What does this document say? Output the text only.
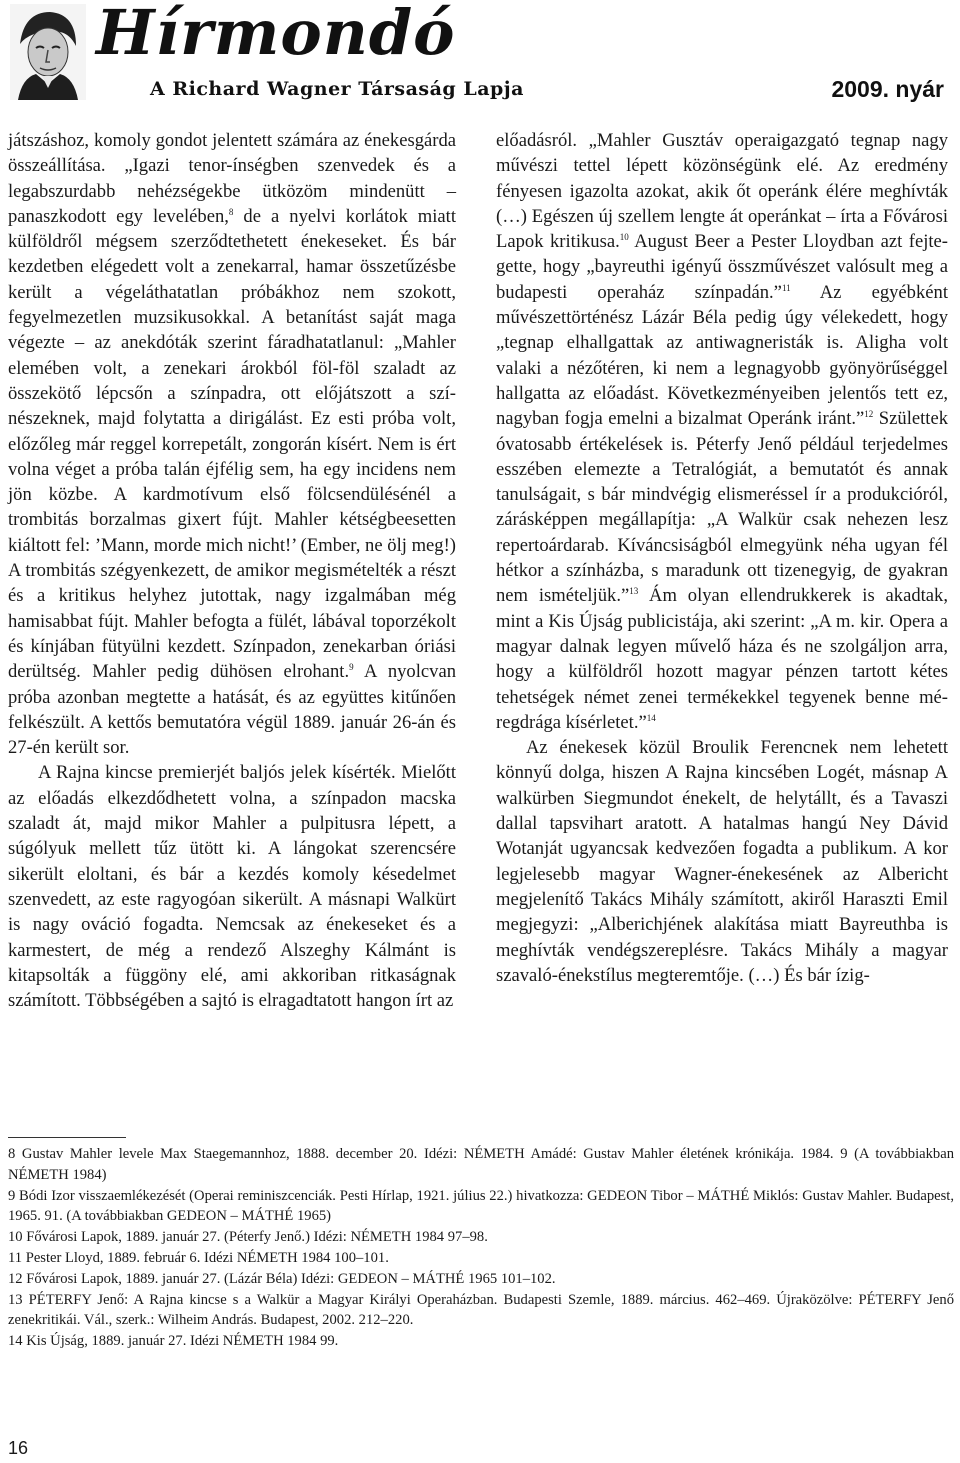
Hírmondó
A Richard Wagner Társaság Lapja	2009. nyár

játszáshoz, komoly gondot jelentett számára az énekesgárda összeállítása. „Igazi tenor-ínségben szenvedek és a legabszurdabb nehézségekbe ütközöm mindenütt – panaszkodott egy levelében,$^8$ de a nyelvi korlátok miatt külföldről mégsem szerződtethetett énekeseket. És bár kezdetben elégedett volt a zenekarral, hamar összetűzésbe került a végeláthatatlan próbákhoz nem szokott, fegyelmezetlen muzsikusokkal. A betanítást saját maga végezte – az anekdóták szerint fáradhatatlanul: „Mahler elemében volt, a zenekari árokból föl-föl szaladt az összekötő lépcsőn a színpadra, ott előjátszott a színészeknek, majd folytatta a dirigálást. Ez esti próba volt, előzőleg már reggel korrepetált, zongorán kísért. Nem is ért volna véget a próba talán éjfélig sem, ha egy incidens nem jön közbe. A kardmotívum első fölcsendülésénél a trombitás borzalmas gixert fújt. Mahler kétségbeesetten kiáltott fel: ’Mann, morde mich nicht!’ (Ember, ne ölj meg!) A trombitás szégyenkezett, de amikor megismételték a részt és a kritikus helyhez jutottak, nagy izgalmában még hamisabbat fújt. Mahler befogta a fülét, lábával toporzékolt és kínjában fütyülni kezdett. Színpadon, zenekarban óriási derültség. Mahler pedig dühösen elrohant.$^9$ A nyolcvan próba azonban megtette a hatását, és az együttes kitűnően felkészült. A kettős bemutatóra végül 1889. január 26-án és 27-én került sor.

A Rajna kincse premierjét baljós jelek kísérték. Mielőtt az előadás elkezdődhetett volna, a színpadon macska szaladt át, majd mikor Mahler a pulpitusra lépett, a súgólyuk mellett tűz ütött ki. A lángokat szerencsére sikerült eloltani, és bár a kezdés komoly késedelmet szenvedett, az este ragyogóan sikerült. A másnapi Walkürt is nagy ováció fogadta. Nemcsak az énekeseket és a karmestert, de még a rendező Alszeghy Kálmánt is kitapsolták a függöny elé, ami akkoriban ritkaságnak számított. Többségében a sajtó is elragadtatott hangon írt az

előadásról. „Mahler Gusztáv operaigazgató tegnap nagy művészi tettel lépett közönségünk elé. Az eredmény fényesen igazolta azokat, akik őt operánk élére meghívták (…) Egészen új szellem lengte át operánkat – írta a Fővárosi Lapok kritikusa.$^{10}$ August Beer a Pester Lloydban azt fejtegette, hogy „bayreuthi igényű összművészet valósult meg a budapesti operaház színpadán.”$^{11}$ Az egyébként művészettörténész Lázár Béla pedig úgy vélekedett, hogy „tegnap elhallgattak az antiwagneristák is. Aligha volt valaki a nézőtéren, ki nem a legnagyobb gyönyörűséggel hallgatta az előadást. Következményeiben jelentős tett ez, nagyban fogja emelni a bizalmat Operánk iránt.”$^{12}$ Születtek óvatosabb értékelések is. Péterfy Jenő például terjedelmes esszében elemezte a Tetralógiát, a bemutatót és annak tanulságait, s bár mindvégig elismeréssel ír a produkcióról, zárásképpen megállapítja: „A Walkür csak nehezen lesz repertoárdarab. Kíváncsiságból elmegyünk néha ugyan fél hétkor a színházba, s maradunk ott tizenegyig, de gyakran nem ismételjük.”$^{13}$ Ám olyan ellendrukkerek is akadtak, mint a Kis Újság publicistája, aki szerint: „A m. kir. Opera a magyar dalnak legyen művelő háza és ne szolgáljon arra, hogy a külföldről hozott magyar pénzen tartott kétes tehetségek német zenei termékekkel tegyenek benne méregdrága kísérletet.”$^{14}$

Az énekesek közül Broulik Ferencnek nem lehetett könnyű dolga, hiszen A Rajna kincsében Logét, másnap A walkürben Siegmundot énekelt, de helytállt, és a Tavaszi dallal tapsvihart aratott. A hatalmas hangú Ney Dávid Wotanját ugyancsak kedvezően fogadta a publikum. A kor legjelesebb magyar Wagner-énekesének az Albericht megjelenítő Takács Mihály számított, akiről Haraszti Emil megjegyzi: „Alberichjének alakítása miatt Bayreuthba is meghívták vendégszereplésre. Takács Mihály a magyar szavaló-énekstílus megteremtője. (…) És bár ízig-

8 Gustav Mahler levele Max Staegemannhoz, 1888. december 20. Idézi: NÉMETH Amádé: Gustav Mahler életének krónikája. 1984. 9 (A továbbiakban NÉMETH 1984)
9 Bódi Izor visszaemlékezését (Operai reminiszcenciák. Pesti Hírlap, 1921. július 22.) hivatkozza: GEDEON Tibor – MÁTHÉ Miklós: Gustav Mahler. Budapest, 1965. 91. (A továbbiakban GEDEON – MÁTHÉ 1965)
10 Fővárosi Lapok, 1889. január 27. (Péterfy Jenő.) Idézi: NÉMETH 1984 97–98.
11 Pester Lloyd, 1889. február 6. Idézi NÉMETH 1984 100–101.
12 Fővárosi Lapok, 1889. január 27. (Lázár Béla) Idézi: GEDEON – MÁTHÉ 1965 101–102.
13 PÉTERFY Jenő: A Rajna kincse s a Walkür a Magyar Királyi Operaházban. Budapesti Szemle, 1889. március. 462–469. Újraközölve: PÉTERFY Jenő zenekritikái. Vál., szerk.: Wilheim András. Budapest, 2002. 212–220.
14 Kis Újság, 1889. január 27. Idézi NÉMETH 1984 99.
16
